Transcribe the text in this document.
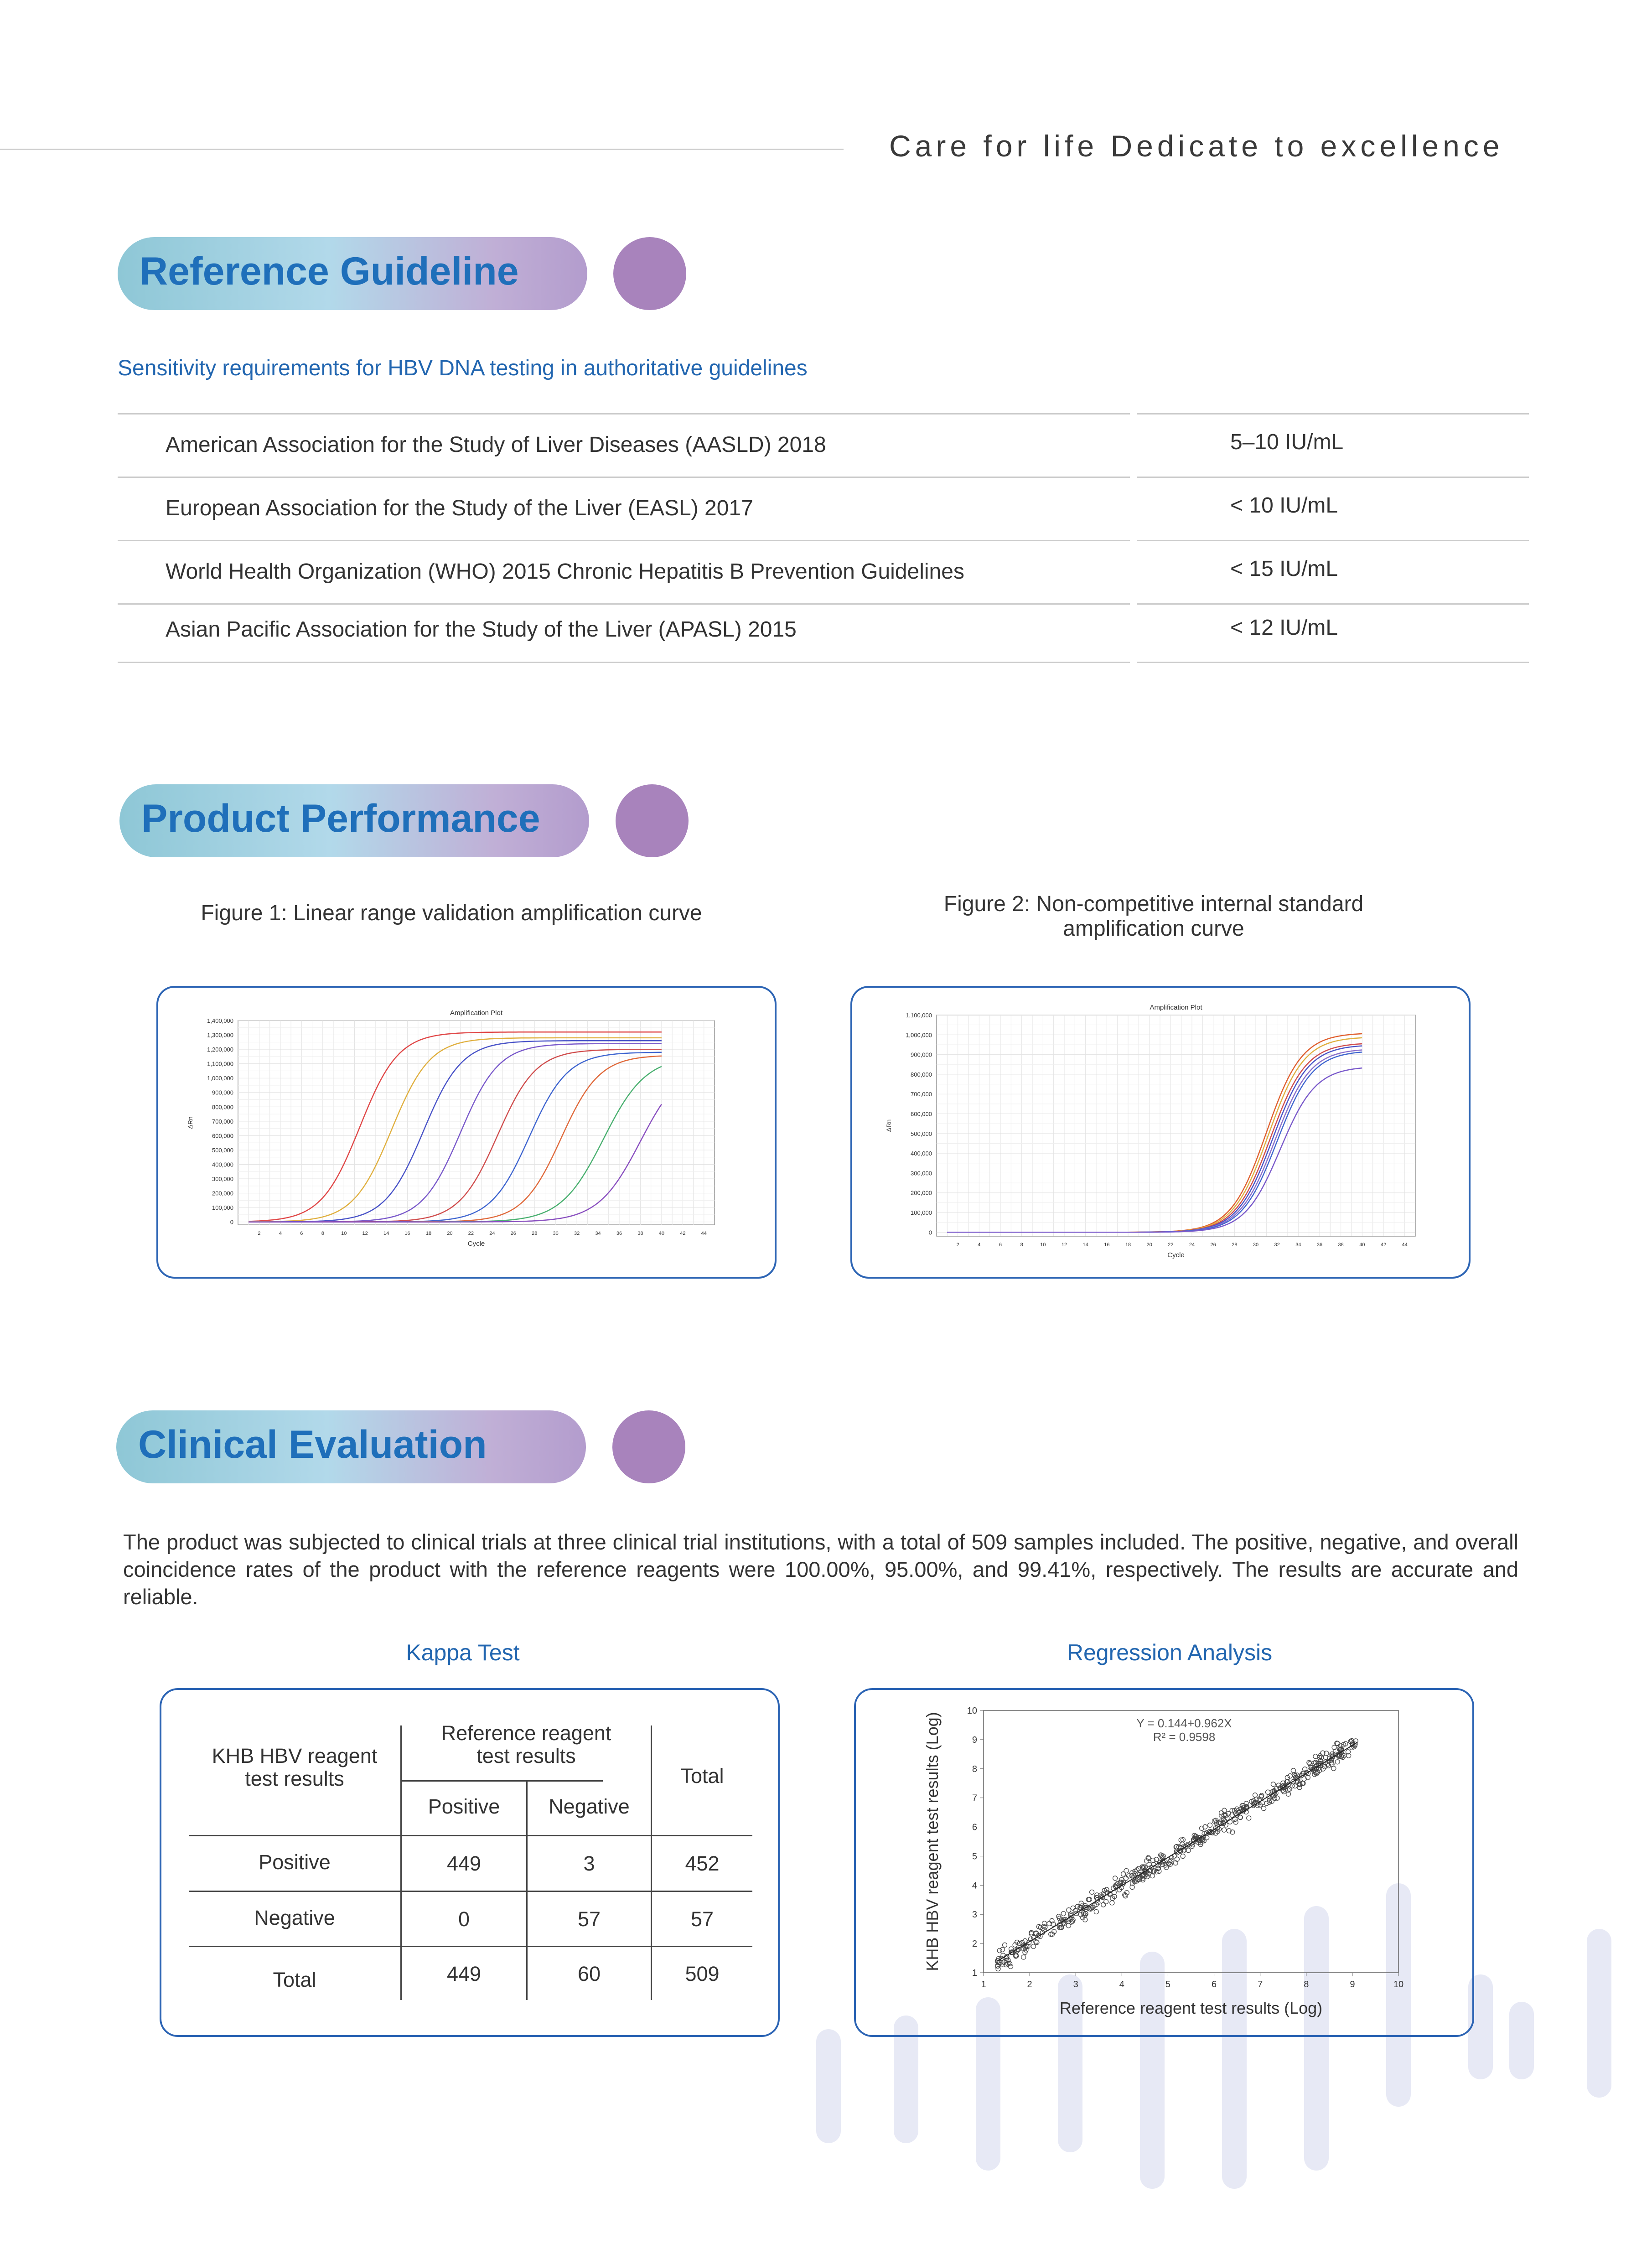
Care for life Dedicate to excellence
Reference Guideline
Sensitivity requirements for HBV DNA testing in authoritative guidelines
American Association for the Study of Liver Diseases (AASLD) 2018	5–10 IU/mL
European Association for the Study of the Liver (EASL) 2017	< 10 IU/mL
World Health Organization (WHO) 2015 Chronic Hepatitis B Prevention Guidelines	< 15 IU/mL
Asian Pacific Association for the Study of the Liver (APASL) 2015	< 12 IU/mL
Product Performance
Figure 1: Linear range validation amplification curve	Figure 2: Non-competitive internal standard
amplification curve
Amplification Plot
0
100,000
200,000
300,000
400,000
500,000
600,000
700,000
800,000
900,000
1,000,000
1,100,000
1,200,000
1,300,000
1,400,000
2	4	6	8	10	12	14	16	18	20	22	24	26	28	30	32	34	36	38	40	42	44
Cycle
ΔRn
Amplification Plot
0
100,000
200,000
300,000
400,000
500,000
600,000
700,000
800,000
900,000
1,000,000
1,100,000
2	4	6	8	10	12	14	16	18	20	22	24	26	28	30	32	34	36	38	40	42	44
Cycle
ΔRn
Clinical Evaluation
The product was subjected to clinical trials at three clinical trial institutions, with a total of 509 samples included. The positive, negative, and overall coincidence rates of the product with the reference reagents were 100.00%, 95.00%, and 99.41%, respectively. The results are accurate and reliable.
Kappa Test	Regression Analysis
KHB HBV reagent
test results
Reference reagent
test results
Total
Positive	Negative
Positive	449	3	452
Negative	0	57	57
Total	449	60	509	1	2	3	4	5	6	7	8	9	10
1
2
3
4
5
6
7
8
9
10
Reference reagent test results (Log)
KHB HBV reagent test results (Log)	Y = 0.144+0.962X
R² = 0.9598
